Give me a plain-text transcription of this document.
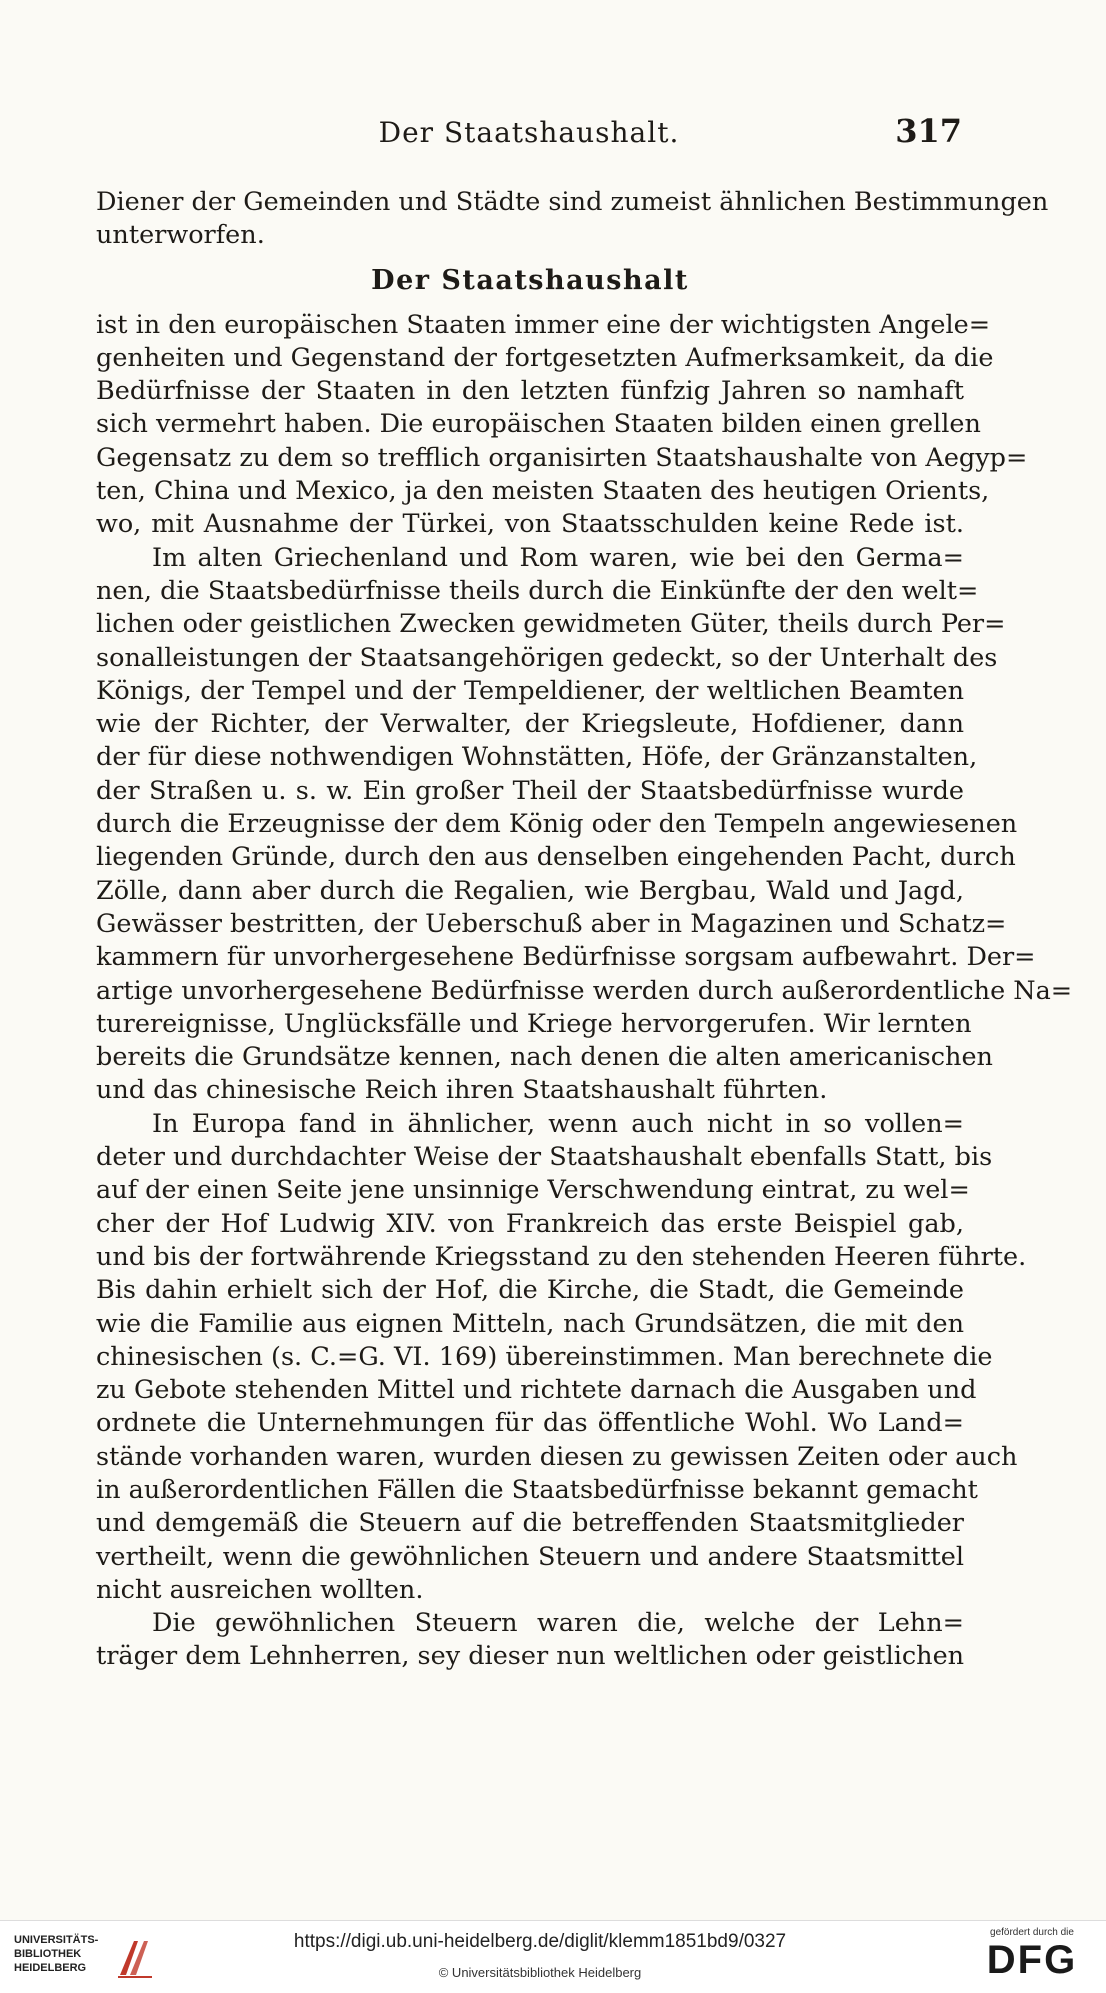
Der Staatshaushalt.	317
Diener der Gemeinden und Städte sind zumeist ähnlichen Bestimmungen
unterworfen.
Der Staatshaushalt
ist in den europäischen Staaten immer eine der wichtigsten Angele=
genheiten und Gegenstand der fortgesetzten Aufmerksamkeit, da die
Bedürfnisse der Staaten in den letzten fünfzig Jahren so namhaft
sich vermehrt haben. Die europäischen Staaten bilden einen grellen
Gegensatz zu dem so trefflich organisirten Staatshaushalte von Aegyp=
ten, China und Mexico, ja den meisten Staaten des heutigen Orients,
wo, mit Ausnahme der Türkei, von Staatsschulden keine Rede ist.
Im alten Griechenland und Rom waren, wie bei den Germa=
nen, die Staatsbedürfnisse theils durch die Einkünfte der den welt=
lichen oder geistlichen Zwecken gewidmeten Güter, theils durch Per=
sonalleistungen der Staatsangehörigen gedeckt, so der Unterhalt des
Königs, der Tempel und der Tempeldiener, der weltlichen Beamten
wie der Richter, der Verwalter, der Kriegsleute, Hofdiener, dann
der für diese nothwendigen Wohnstätten, Höfe, der Gränzanstalten,
der Straßen u. s. w. Ein großer Theil der Staatsbedürfnisse wurde
durch die Erzeugnisse der dem König oder den Tempeln angewiesenen
liegenden Gründe, durch den aus denselben eingehenden Pacht, durch
Zölle, dann aber durch die Regalien, wie Bergbau, Wald und Jagd,
Gewässer bestritten, der Ueberschuß aber in Magazinen und Schatz=
kammern für unvorhergesehene Bedürfnisse sorgsam aufbewahrt. Der=
artige unvorhergesehene Bedürfnisse werden durch außerordentliche Na=
turereignisse, Unglücksfälle und Kriege hervorgerufen. Wir lernten
bereits die Grundsätze kennen, nach denen die alten americanischen
und das chinesische Reich ihren Staatshaushalt führten.
In Europa fand in ähnlicher, wenn auch nicht in so vollen=
deter und durchdachter Weise der Staatshaushalt ebenfalls Statt, bis
auf der einen Seite jene unsinnige Verschwendung eintrat, zu wel=
cher der Hof Ludwig XIV. von Frankreich das erste Beispiel gab,
und bis der fortwährende Kriegsstand zu den stehenden Heeren führte.
Bis dahin erhielt sich der Hof, die Kirche, die Stadt, die Gemeinde
wie die Familie aus eignen Mitteln, nach Grundsätzen, die mit den
chinesischen (s. C.=G. VI. 169) übereinstimmen. Man berechnete die
zu Gebote stehenden Mittel und richtete darnach die Ausgaben und
ordnete die Unternehmungen für das öffentliche Wohl. Wo Land=
stände vorhanden waren, wurden diesen zu gewissen Zeiten oder auch
in außerordentlichen Fällen die Staatsbedürfnisse bekannt gemacht
und demgemäß die Steuern auf die betreffenden Staatsmitglieder
vertheilt, wenn die gewöhnlichen Steuern und andere Staatsmittel
nicht ausreichen wollten.
Die gewöhnlichen Steuern waren die, welche der Lehn=
träger dem Lehnherren, sey dieser nun weltlichen oder geistlichen
UNIVERSITÄTS-
BIBLIOTHEK
HEIDELBERG
https://digi.ub.uni-heidelberg.de/diglit/klemm1851bd9/0327
© Universitätsbibliothek Heidelberg
gefördert durch die
DFG
